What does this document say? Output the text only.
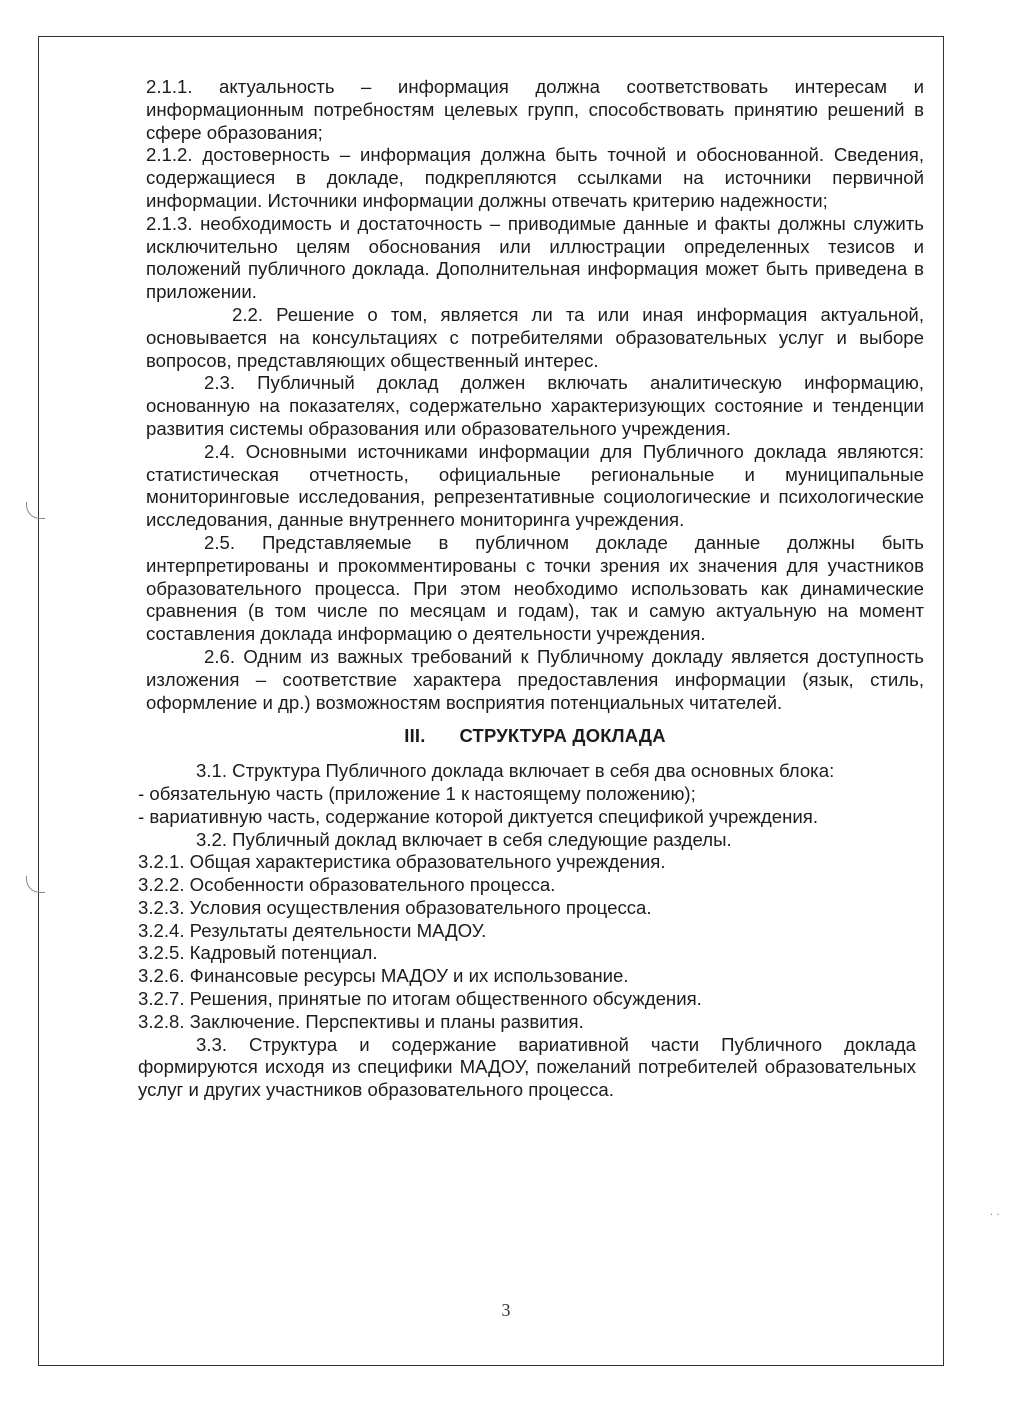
2.1.1. актуальность – информация должна соответствовать интересам и информационным потребностям целевых групп, способствовать принятию решений в сфере образования;

2.1.2. достоверность – информация должна быть точной и обоснованной. Сведения, содержащиеся в докладе, подкрепляются ссылками на источники первичной информации. Источники информации должны отвечать критерию надежности;

2.1.3. необходимость и достаточность – приводимые данные и факты должны служить исключительно целям обоснования или иллюстрации определенных тезисов и положений публичного доклада. Дополнительная информация может быть приведена в приложении.

2.2. Решение о том, является ли та или иная информация актуальной, основывается на консультациях с потребителями образовательных услуг и выборе вопросов, представляющих общественный интерес.

2.3. Публичный доклад должен включать аналитическую информацию, основанную на показателях, содержательно характеризующих состояние и тенденции развития системы образования или образовательного учреждения.

2.4. Основными источниками информации для Публичного доклада являются: статистическая отчетность, официальные региональные и муниципальные мониторинговые исследования, репрезентативные социологические и психологические исследования, данные внутреннего мониторинга учреждения.

2.5. Представляемые в публичном докладе данные должны быть интерпретированы и прокомментированы с точки зрения их значения для участников образовательного процесса. При этом необходимо использовать как динамические сравнения (в том числе по месяцам и годам), так и самую актуальную на момент составления доклада информацию о деятельности учреждения.

2.6. Одним из важных требований к Публичному докладу является доступность изложения – соответствие характера предоставления информации (язык, стиль, оформление и др.) возможностям восприятия потенциальных читателей.

III. СТРУКТУРА ДОКЛАДА

3.1. Структура Публичного доклада включает в себя два основных блока:

- обязательную часть (приложение 1 к настоящему положению);

- вариативную часть, содержание которой диктуется спецификой учреждения.

3.2. Публичный доклад включает в себя следующие разделы.

3.2.1. Общая характеристика образовательного учреждения.

3.2.2. Особенности образовательного процесса.

3.2.3. Условия осуществления образовательного процесса.

3.2.4. Результаты деятельности МАДОУ.

3.2.5. Кадровый потенциал.

3.2.6. Финансовые ресурсы МАДОУ и их использование.

3.2.7. Решения, принятые по итогам общественного обсуждения.

3.2.8. Заключение. Перспективы и планы развития.

3.3. Структура и содержание вариативной части Публичного доклада формируются исходя из специфики МАДОУ, пожеланий потребителей образовательных услуг и других участников образовательного процесса.

3
· ·
